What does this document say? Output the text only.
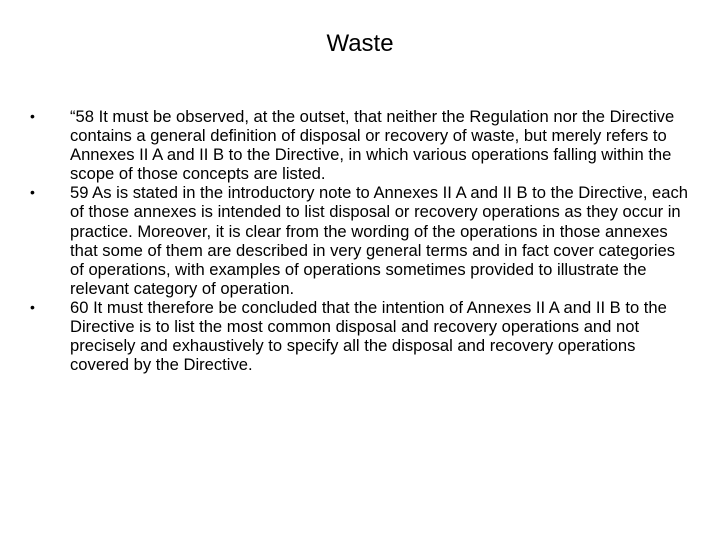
Waste
•	“58 It must be observed, at the outset, that neither the Regulation nor the Directive contains a general definition of disposal or recovery of waste, but merely refers to Annexes II A and II B to the Directive, in which various operations falling within the scope of those concepts are listed.
•	59 As is stated in the introductory note to Annexes II A and II B to the Directive, each of those annexes is intended to list disposal or recovery operations as they occur in practice. Moreover, it is clear from the wording of the operations in those annexes that some of them are described in very general terms and in fact cover categories of operations, with examples of operations sometimes provided to illustrate the relevant category of operation.
•	60 It must therefore be concluded that the intention of Annexes II A and II B to the Directive is to list the most common disposal and recovery operations and not precisely and exhaustively to specify all the disposal and recovery operations covered by the Directive.
